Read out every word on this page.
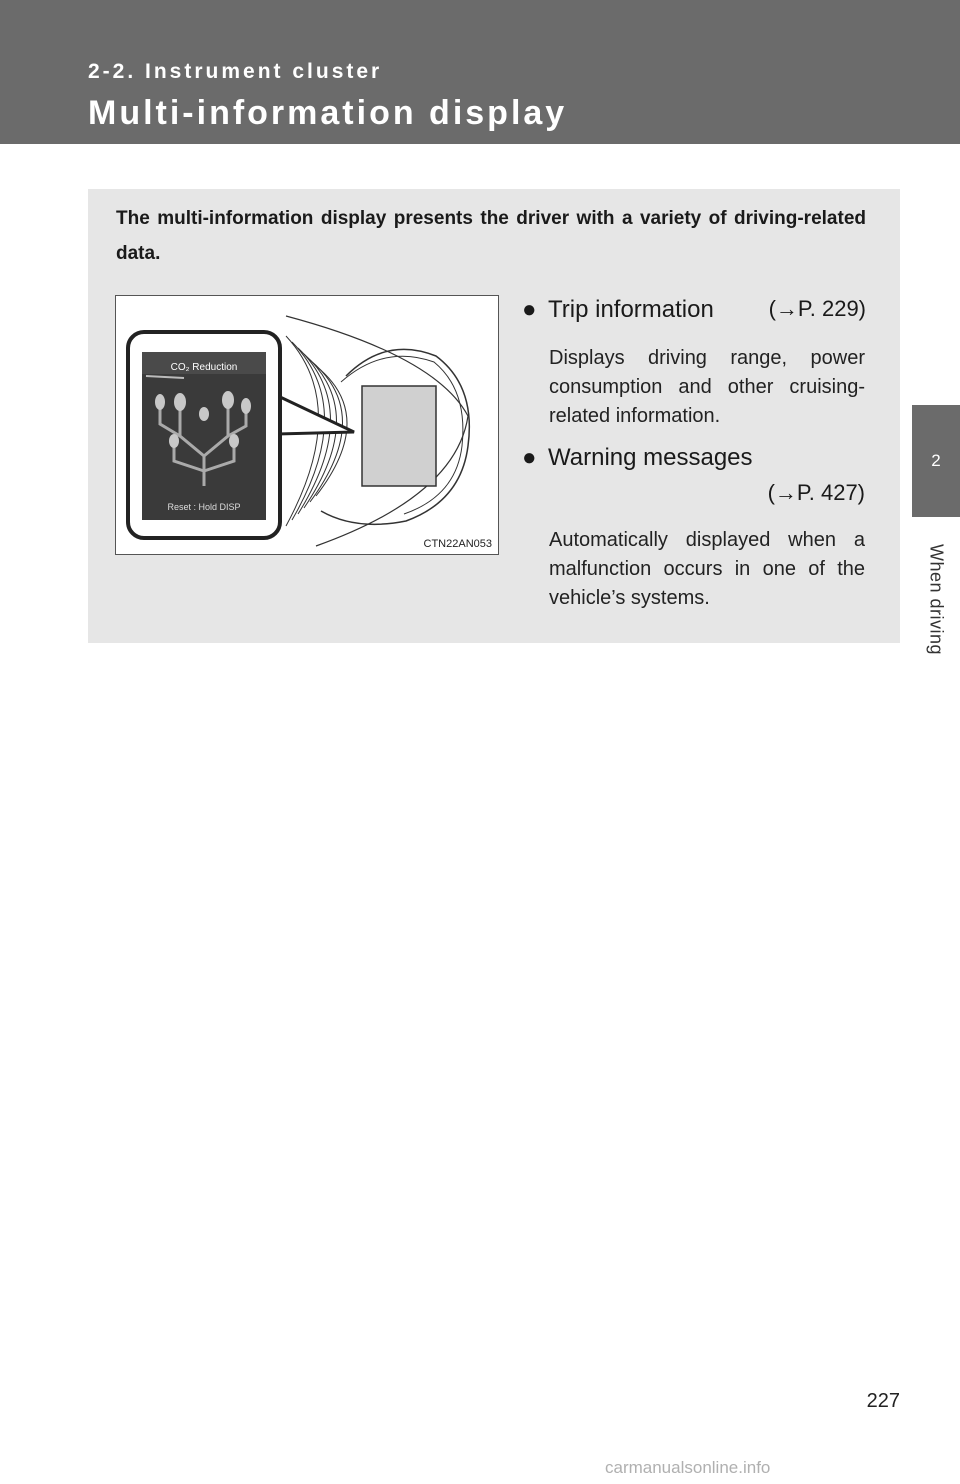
2-2. Instrument cluster
Multi-information display
2
When driving
The multi-information display presents the driver with a variety of driving-related data.
CO₂ Reduction
Reset : Hold DISP
CTN22AN053
● Trip information (→P. 229)
Displays driving range, power consumption and other cruising-related information.
● Warning messages
(→P. 427)
Automatically displayed when a malfunction occurs in one of the vehicle’s systems.
227
carmanualsonline.info
